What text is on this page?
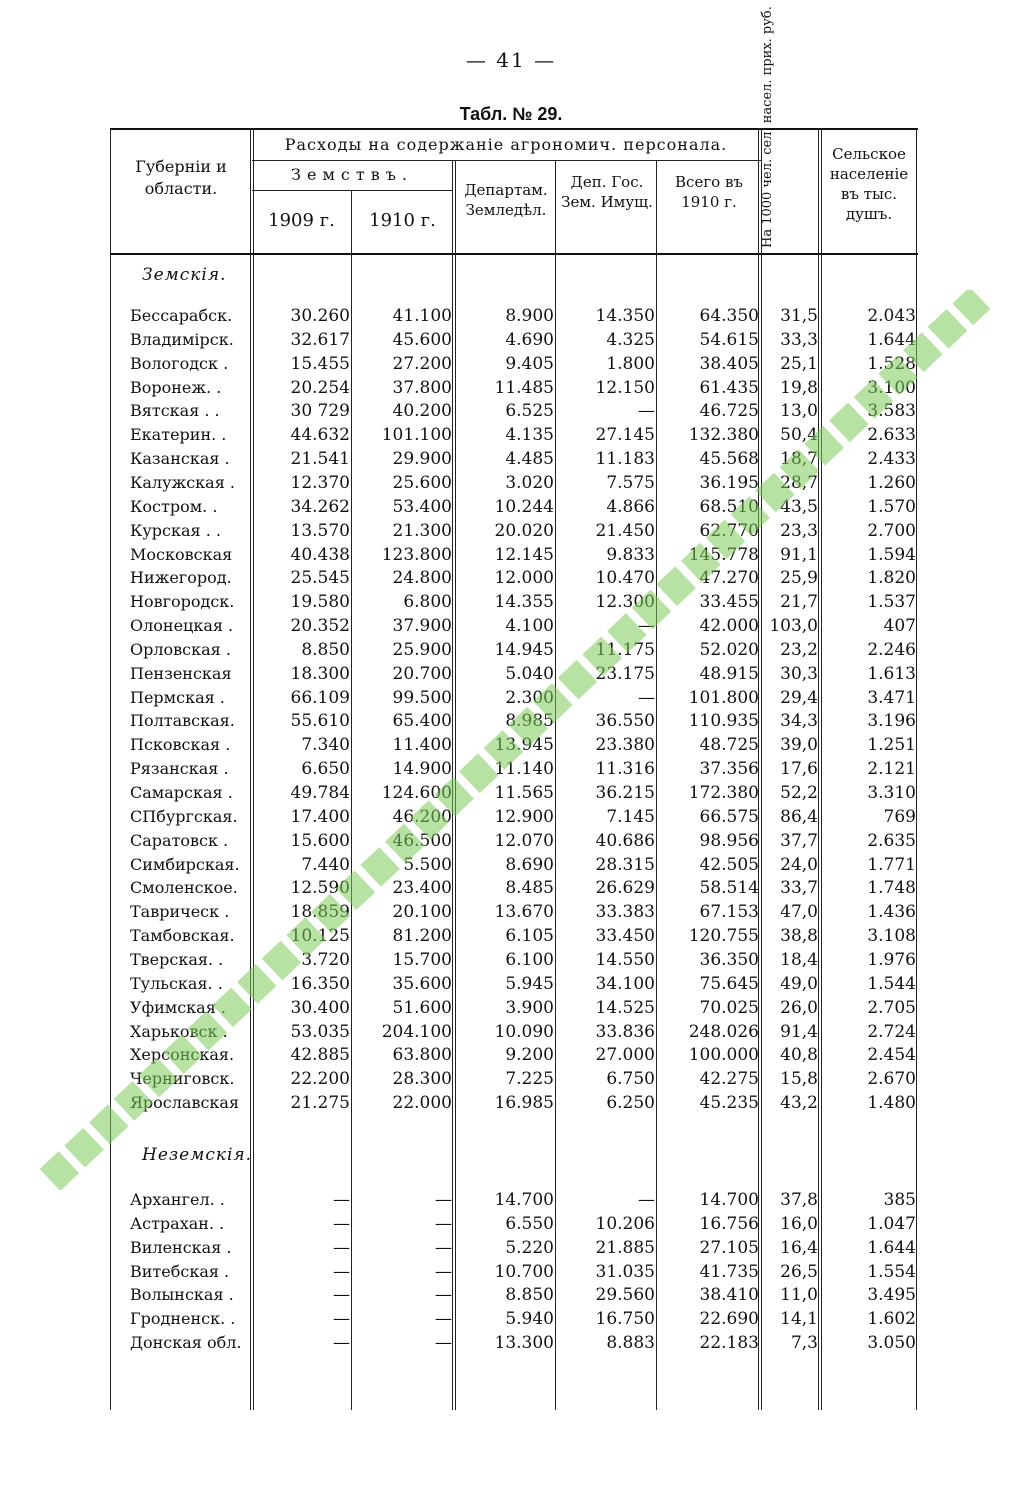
— 41 —
Табл. № 29.
Губерніи и области.
Расходы на содержаніе агрономич. персонала.
Земствъ.
1909 г.	1910 г.
Департам. Земледѣл.
Деп. Гос. Зем. Имущ.
Всего въ 1910 г.	На 1000 чел. сел. насел. прих. руб.	Сельское населеніе въ тыс. душъ.
Земскія.
Бессарабск.	30.260	41.100	8.900	14.350	64.350	31,5	2.043
Владимірск.	32.617	45.600	4.690	4.325	54.615	33,3	1.644
Вологодск .	15.455	27.200	9.405	1.800	38.405	25,1	1.528
Воронеж. .	20.254	37.800	11.485	12.150	61.435	19,8	3.100
Вятская . .	30 729	40.200	6.525	—	46.725	13,0	3.583
Екатерин. .	44.632	101.100	4.135	27.145	132.380	50,4	2.633
Казанская .	21.541	29.900	4.485	11.183	45.568	18,7	2.433
Калужская .	12.370	25.600	3.020	7.575	36.195	28,7	1.260
Костром. .	34.262	53.400	10.244	4.866	68.510	43,5	1.570
Курская . .	13.570	21.300	20.020	21.450	62.770	23,3	2.700
Московская	40.438	123.800	12.145	9.833	145.778	91,1	1.594
Нижегород.	25.545	24.800	12.000	10.470	47.270	25,9	1.820
Новгородск.	19.580	6.800	14.355	12.300	33.455	21,7	1.537
Олонецкая .	20.352	37.900	4.100	—	42.000 103,0	407
Орловская .	8.850	25.900	14.945	11.175	52.020	23,2	2.246
Пензенская	18.300	20.700	5.040	23.175	48.915	30,3	1.613
Пермская .	66.109	99.500	2.300	—	101.800	29,4	3.471
Полтавская.	55.610	65.400	8.985	36.550	110.935	34,3	3.196
Псковская .	7.340	11.400	13.945	23.380	48.725	39,0	1.251
Рязанская .	6.650	14.900	11.140	11.316	37.356	17,6	2.121
Самарская .	49.784	124.600	11.565	36.215	172.380	52,2	3.310
СПбургская.	17.400	46.200	12.900	7.145	66.575	86,4	769
Саратовск .	15.600	46.500	12.070	40.686	98.956	37,7	2.635
Симбирская.	7.440	5.500	8.690	28.315	42.505	24,0	1.771
Смоленское.	12.590	23.400	8.485	26.629	58.514	33,7	1.748
Таврическ .	18.859	20.100	13.670	33.383	67.153	47,0	1.436
Тамбовская.	10.125	81.200	6.105	33.450	120.755	38,8	3.108
Тверская. .	3.720	15.700	6.100	14.550	36.350	18,4	1.976
Тульская. .	16.350	35.600	5.945	34.100	75.645	49,0	1.544
Уфимская .	30.400	51.600	3.900	14.525	70.025	26,0	2.705
Харьковск .	53.035	204.100	10.090	33.836	248.026	91,4	2.724
Херсонская.	42.885	63.800	9.200	27.000	100.000	40,8	2.454
Черниговск.	22.200	28.300	7.225	6.750	42.275	15,8	2.670
Ярославская	21.275	22.000	16.985	6.250	45.235	43,2	1.480
Неземскія.
Архангел. .	—	—	14.700	—	14.700	37,8	385
Астрахан. .	—	—	6.550	10.206	16.756	16,0	1.047
Виленская .	—	—	5.220	21.885	27.105	16,4	1.644
Витебская .	—	—	10.700	31.035	41.735	26,5	1.554
Волынская .	—	—	8.850	29.560	38.410	11,0	3.495
Гродненск. .	—	—	5.940	16.750	22.690	14,1	1.602
Донская обл.	—	—	13.300	8.883	22.183	7,3	3.050
